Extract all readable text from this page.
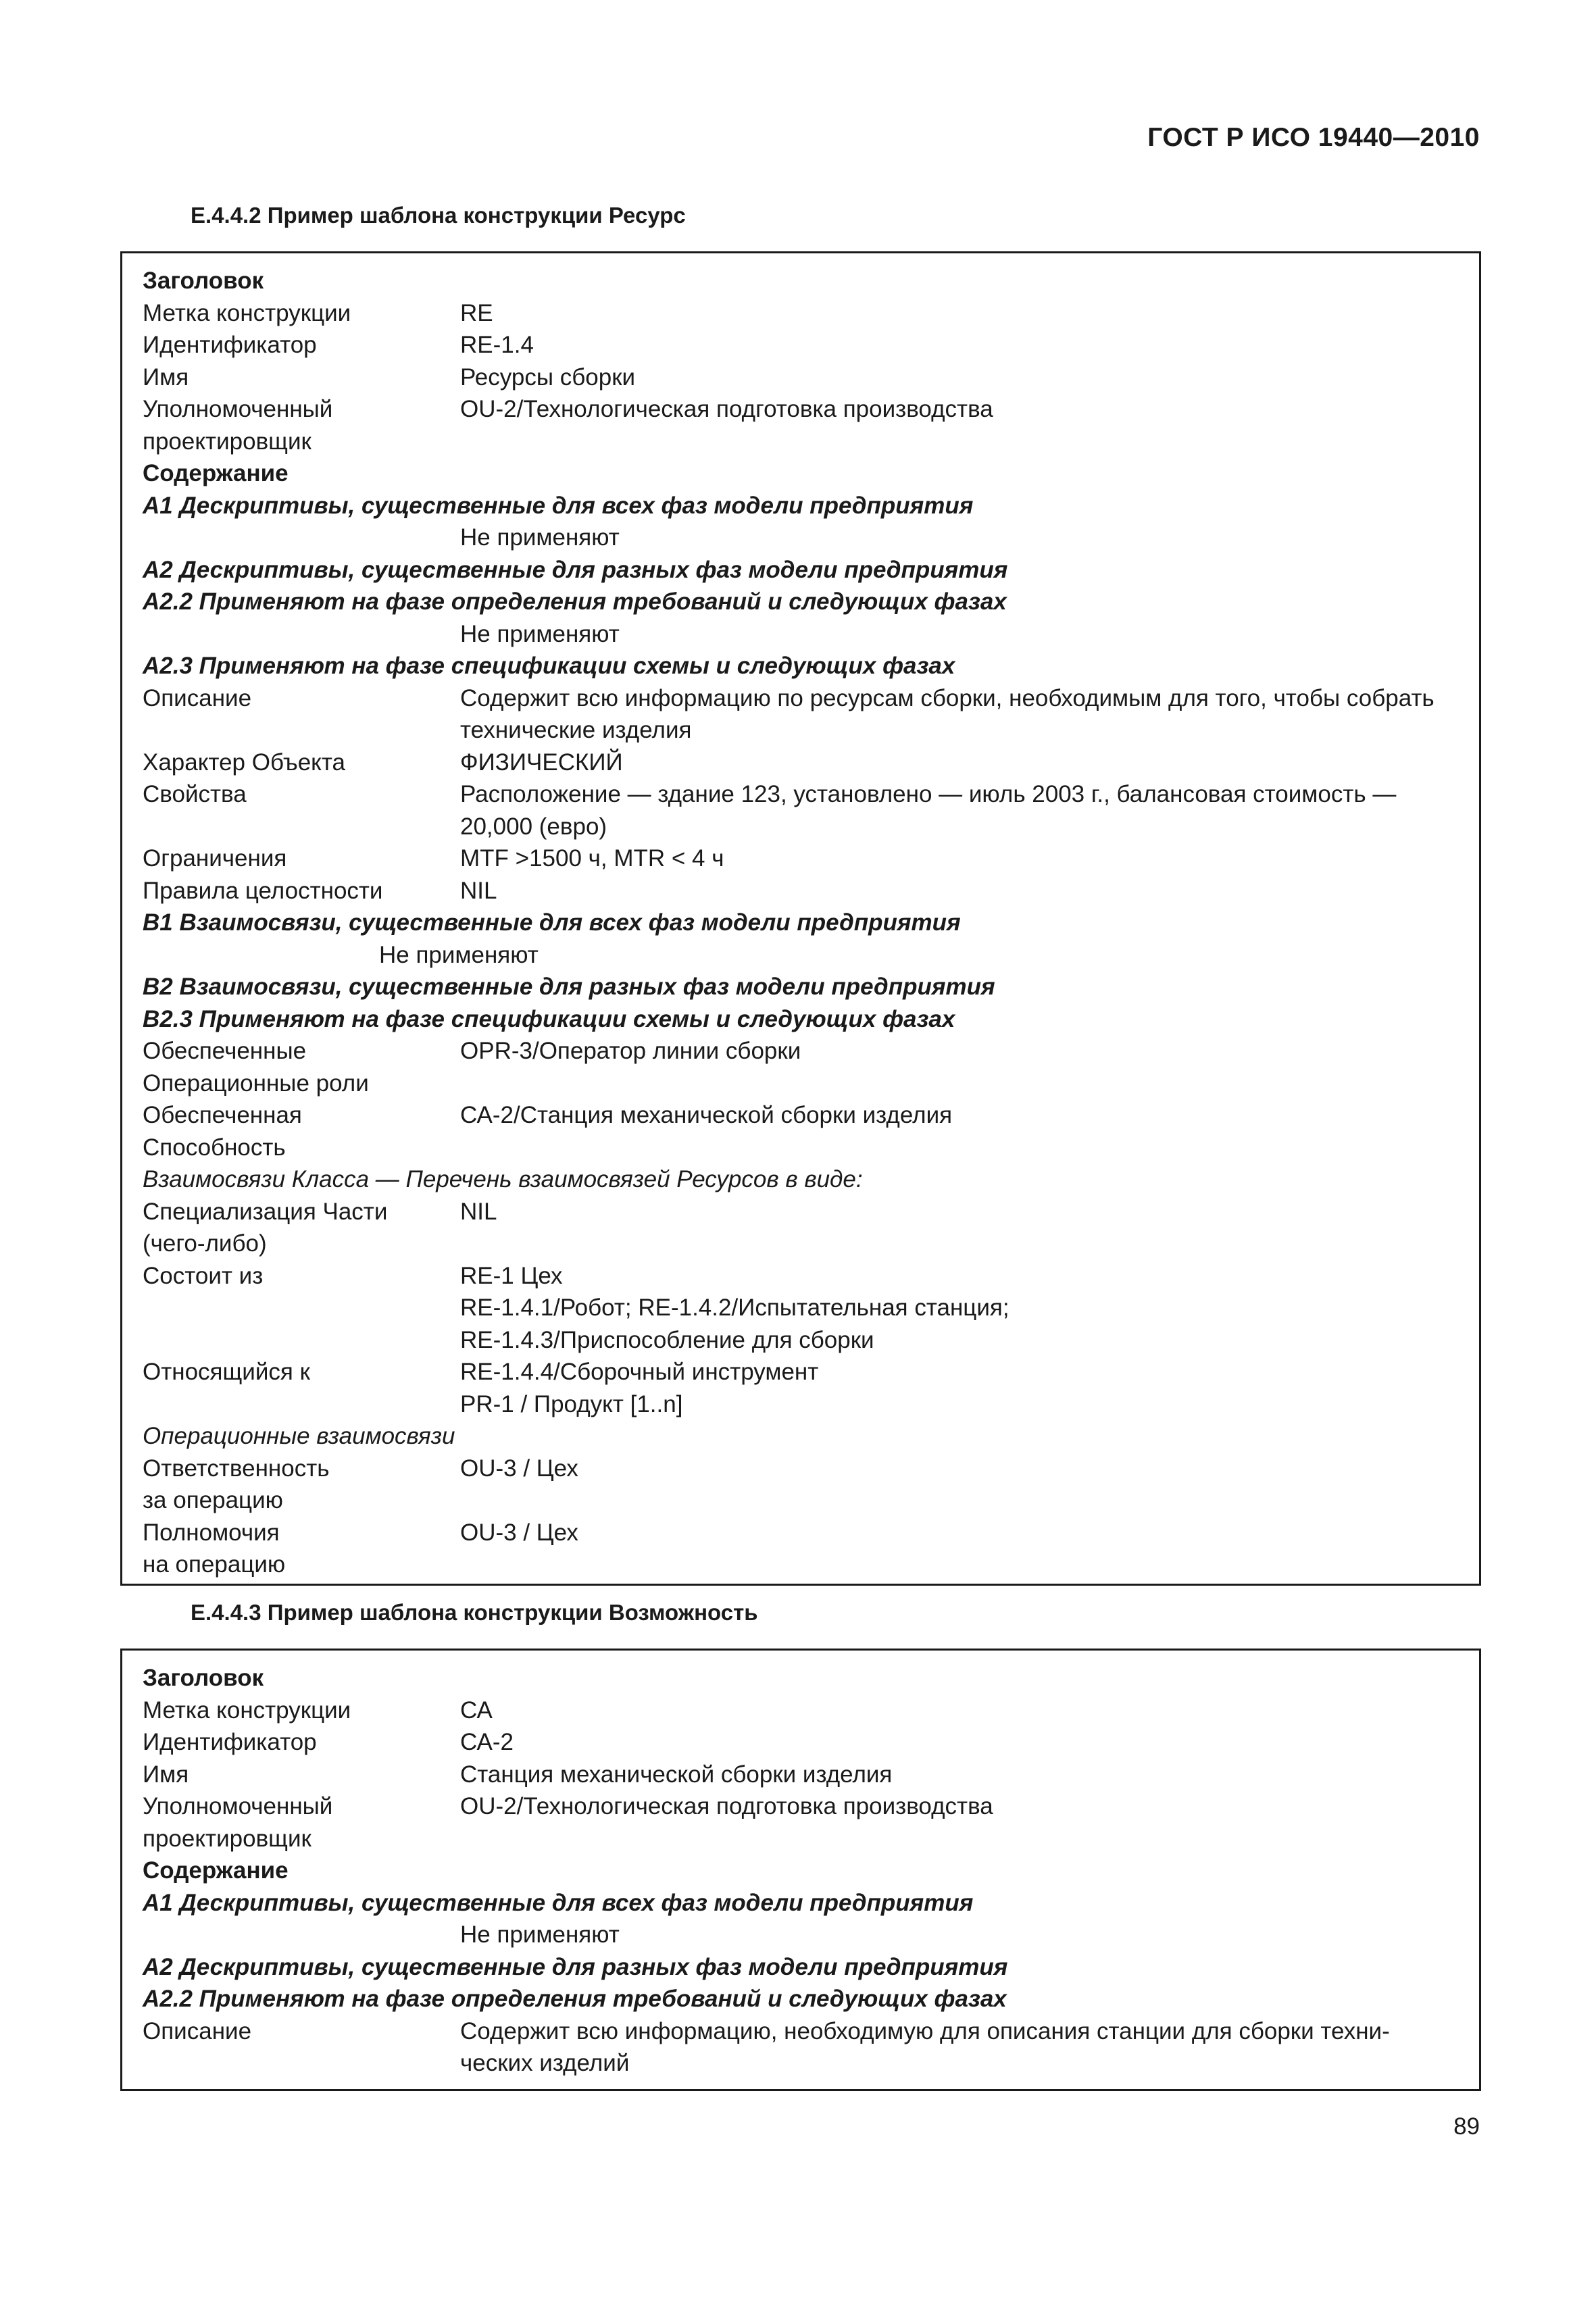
ГОСТ Р ИСО 19440—2010
Е.4.4.2 Пример шаблона конструкции Ресурс
Заголовок
Метка конструкции	RE
Идентификатор	RE-1.4
Имя	Ресурсы сборки
Уполномоченный	OU-2/Технологическая подготовка производства
проектировщик
Содержание
А1 Дескриптивы, существенные для всех фаз модели предприятия
Не применяют
А2 Дескриптивы, существенные для разных фаз модели предприятия
А2.2 Применяют на фазе определения требований и следующих фазах
Не применяют
А2.3 Применяют на фазе спецификации схемы и следующих фазах
Описание	Содержит всю информацию по ресурсам сборки, необходимым для того, чтобы собрать технические изделия
Характер Объекта	ФИЗИЧЕСКИЙ
Свойства	Расположение — здание 123, установлено — июль 2003 г., балансовая стоимость — 20,000 (евро)
Ограничения	MTF >1500 ч, MTR < 4 ч
Правила целостности	NIL
В1 Взаимосвязи, существенные для всех фаз модели предприятия
Не применяют
В2 Взаимосвязи, существенные для разных фаз модели предприятия
В2.3 Применяют на фазе спецификации схемы и следующих фазах
Обеспеченные	OPR-3/Оператор линии сборки
Операционные роли
Обеспеченная	СА-2/Станция механической сборки изделия
Способность
Взаимосвязи Класса — Перечень взаимосвязей Ресурсов в виде:
Специализация Части	NIL
(чего-либо)
Состоит из	RE-1 Цех
RE-1.4.1/Робот; RE-1.4.2/Испытательная станция;
RE-1.4.3/Приспособление для сборки
Относящийся к	RE-1.4.4/Сборочный инструмент
PR-1 / Продукт [1..n]
Операционные взаимосвязи
Ответственность	OU-3 / Цех
за операцию
Полномочия	OU-3 / Цех
на операцию
Е.4.4.3 Пример шаблона конструкции Возможность
Заголовок
Метка конструкции	СА
Идентификатор	СА-2
Имя	Станция механической сборки изделия
Уполномоченный	OU-2/Технологическая подготовка производства
проектировщик
Содержание
А1 Дескриптивы, существенные для всех фаз модели предприятия
Не применяют
А2 Дескриптивы, существенные для разных фаз модели предприятия
А2.2 Применяют на фазе определения требований и следующих фазах
Описание	Содержит всю информацию, необходимую для описания станции для сборки техни-ческих изделий
89
